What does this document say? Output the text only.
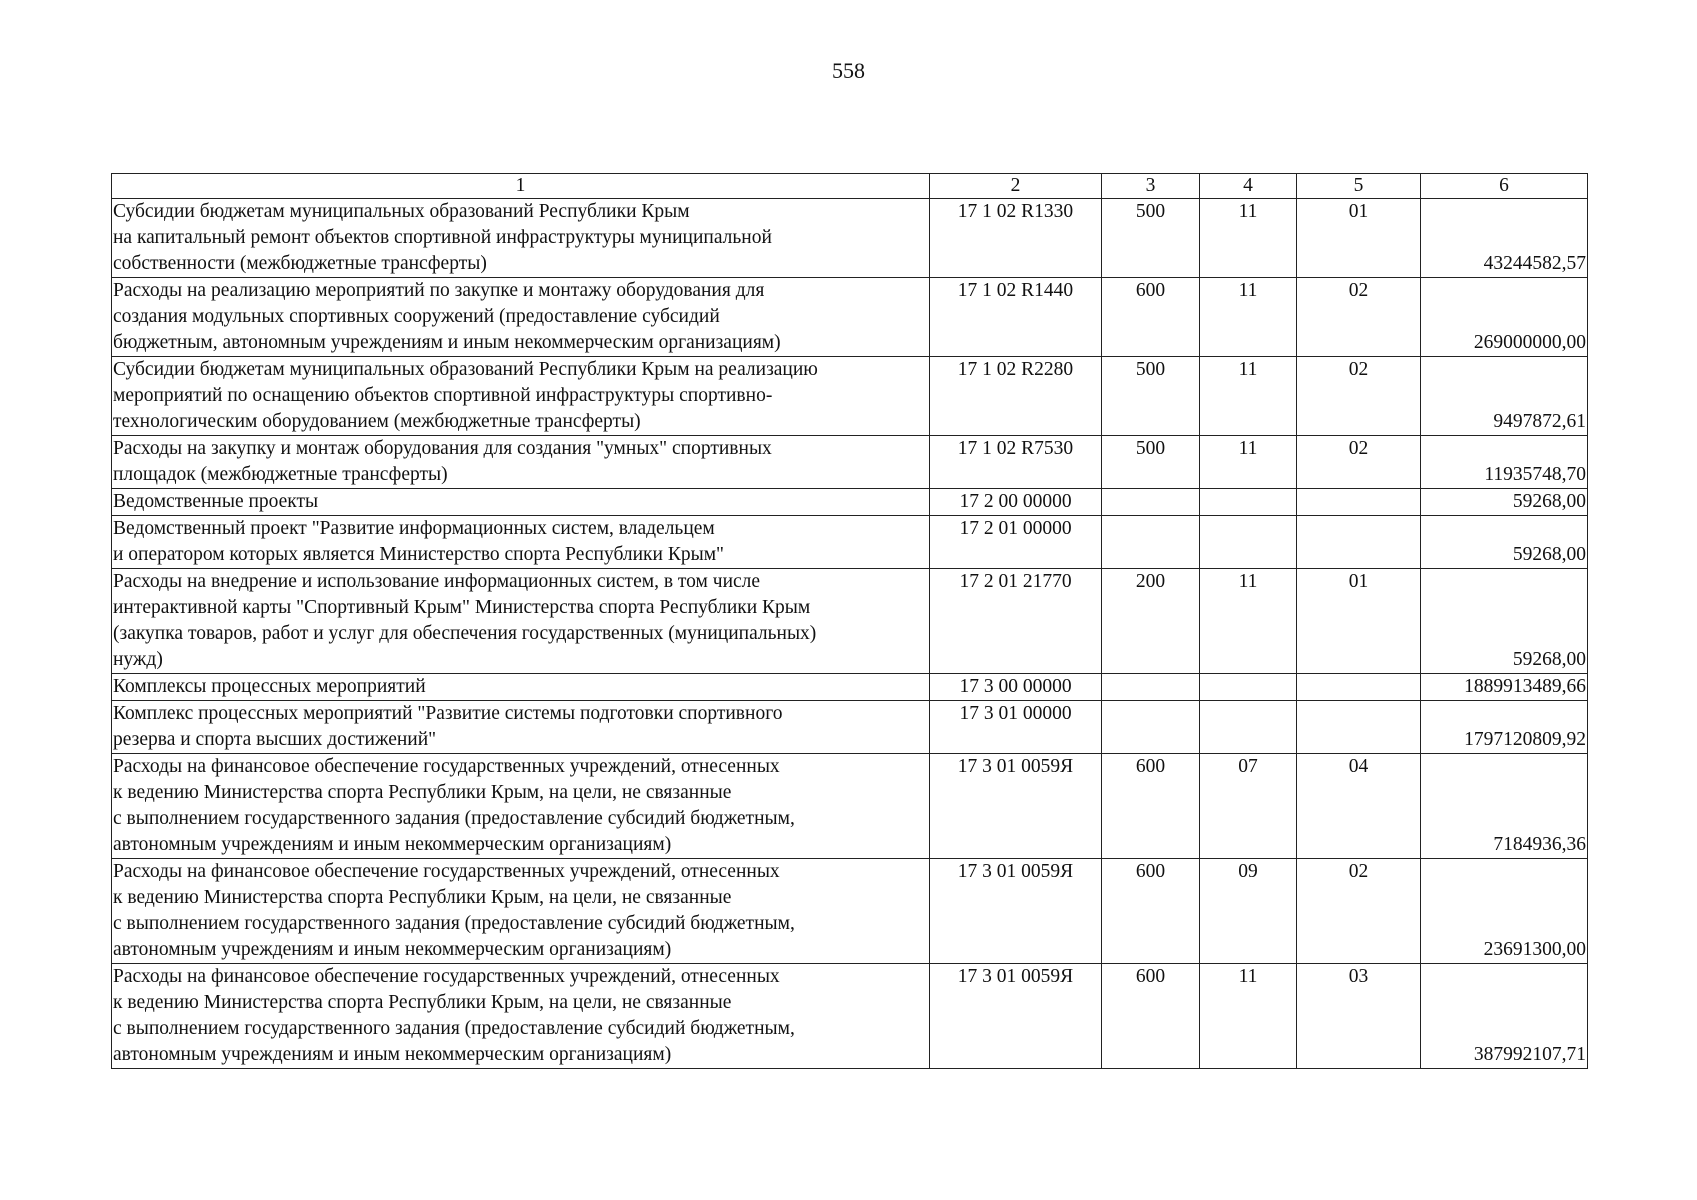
558
1	2	3	4	5	6
Субсидии бюджетам муниципальных образований Республики Крым
на капитальный ремонт объектов спортивной инфраструктуры муниципальной
собственности (межбюджетные трансферты)	17 1 02 R1330	500	11	01	43244582,57
Расходы на реализацию мероприятий по закупке и монтажу оборудования для
создания модульных спортивных сооружений (предоставление субсидий
бюджетным, автономным учреждениям и иным некоммерческим организациям)	17 1 02 R1440	600	11	02	269000000,00
Субсидии бюджетам муниципальных образований Республики Крым на реализацию
мероприятий по оснащению объектов спортивной инфраструктуры спортивно-
технологическим оборудованием (межбюджетные трансферты)	17 1 02 R2280	500	11	02	9497872,61
Расходы на закупку и монтаж оборудования для создания "умных" спортивных
площадок (межбюджетные трансферты)	17 1 02 R7530	500	11	02	11935748,70
Ведомственные проекты	17 2 00 00000				59268,00
Ведомственный проект "Развитие информационных систем, владельцем
и оператором которых является Министерство спорта Республики Крым"	17 2 01 00000				59268,00
Расходы на внедрение и использование информационных систем, в том числе
интерактивной карты "Спортивный Крым" Министерства спорта Республики Крым
(закупка товаров, работ и услуг для обеспечения государственных (муниципальных)
нужд)	17 2 01 21770	200	11	01	59268,00
Комплексы процессных мероприятий	17 3 00 00000				1889913489,66
Комплекс процессных мероприятий "Развитие системы подготовки спортивного
резерва и спорта высших достижений"	17 3 01 00000				1797120809,92
Расходы на финансовое обеспечение государственных учреждений, отнесенных
к ведению Министерства спорта Республики Крым, на цели, не связанные
с выполнением государственного задания (предоставление субсидий бюджетным,
автономным учреждениям и иным некоммерческим организациям)	17 3 01 0059Я	600	07	04	7184936,36
Расходы на финансовое обеспечение государственных учреждений, отнесенных
к ведению Министерства спорта Республики Крым, на цели, не связанные
с выполнением государственного задания (предоставление субсидий бюджетным,
автономным учреждениям и иным некоммерческим организациям)	17 3 01 0059Я	600	09	02	23691300,00
Расходы на финансовое обеспечение государственных учреждений, отнесенных
к ведению Министерства спорта Республики Крым, на цели, не связанные
с выполнением государственного задания (предоставление субсидий бюджетным,
автономным учреждениям и иным некоммерческим организациям)	17 3 01 0059Я	600	11	03	387992107,71
